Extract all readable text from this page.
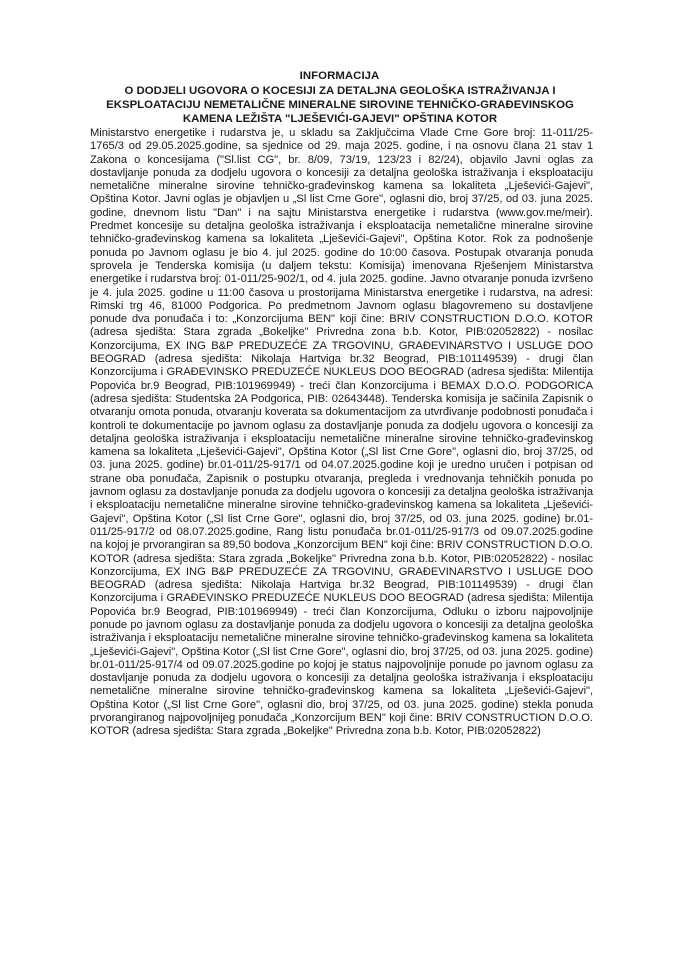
INFORMACIJA
O DODJELI UGOVORA O KOCESIJI ZA DETALJNA GEOLOŠKA ISTRAŽIVANJA I EKSPLOATACIJU NEMETALIČNE MINERALNE SIROVINE TEHNIČKO-GRAĐEVINSKOG KAMENA LEŽIŠTA "LJEŠEVIĆI-GAJEVI" OPŠTINA KOTOR
Ministarstvo energetike i rudarstva je, u skladu sa Zaključcima Vlade Crne Gore broj: 11-011/25-1765/3 od 29.05.2025.godine, sa sjednice od 29. maja 2025. godine, i na osnovu člana 21 stav 1 Zakona o koncesijama ("Sl.list CG", br. 8/09, 73/19, 123/23 i 82/24), objavilo Javni oglas za dostavljanje ponuda za dodjelu ugovora o koncesiji za detaljna geološka istraživanja i eksploataciju nemetalične mineralne sirovine tehničko-građevinskog kamena sa lokaliteta „Lješevići-Gajevi", Opština Kotor. Javni oglas je objavljen u „Sl list Crne Gore", oglasni dio, broj 37/25, od 03. juna 2025. godine, dnevnom listu "Dan" i na sajtu Ministarstva energetike i rudarstva (www.gov.me/meir). Predmet koncesije su detaljna geološka istraživanja i eksploatacija nemetalične mineralne sirovine tehničko-građevinskog kamena sa lokaliteta „Lješevići-Gajevi", Opština Kotor. Rok za podnošenje ponuda po Javnom oglasu je bio 4. jul 2025. godine do 10:00 časova. Postupak otvaranja ponuda sprovela je Tenderska komisija (u daljem tekstu: Komisija) imenovana Rješenjem Ministarstva energetike i rudarstva broj: 01-011/25-902/1, od 4. jula 2025. godine. Javno otvaranje ponuda izvršeno je 4. jula 2025. godine u 11:00 časova u prostorijama Ministarstva energetike i rudarstva, na adresi: Rimski trg 46, 81000 Podgorica. Po predmetnom Javnom oglasu blagovremeno su dostavljene ponude dva ponuđača i to: „Konzorcijuma BEN" koji čine: BRIV CONSTRUCTION D.O.O. KOTOR (adresa sjedišta: Stara zgrada „Bokeljke" Privredna zona b.b. Kotor, PIB:02052822) - nosilac Konzorcijuma, EX ING B&P PREDUZEĆE ZA TRGOVINU, GRAĐEVINARSTVO I USLUGE DOO BEOGRAD (adresa sjedišta: Nikolaja Hartviga br.32 Beograd, PIB:101149539) - drugi član Konzorcijuma i GRAĐEVINSKO PREDUZEĆE NUKLEUS DOO BEOGRAD (adresa sjedišta: Milentija Popovića br.9 Beograd, PIB:101969949) - treći član Konzorcijuma i BEMAX D.O.O. PODGORICA (adresa sjedišta: Studentska 2A Podgorica, PIB: 02643448). Tenderska komisija je sačinila Zapisnik o otvaranju omota ponuda, otvaranju koverata sa dokumentacijom za utvrđivanje podobnosti ponuđača i kontroli te dokumentacije po javnom oglasu za dostavljanje ponuda za dodjelu ugovora o koncesiji za detaljna geološka istraživanja i eksploataciju nemetalične mineralne sirovine tehničko-građevinskog kamena sa lokaliteta „Lješevići-Gajevi", Opština Kotor („Sl list Crne Gore", oglasni dio, broj 37/25, od 03. juna 2025. godine) br.01-011/25-917/1 od 04.07.2025.godine koji je uredno uručen i potpisan od strane oba ponuđača, Zapisnik o postupku otvaranja, pregleda i vrednovanja tehničkih ponuda po javnom oglasu za dostavljanje ponuda za dodjelu ugovora o koncesiji za detaljna geološka istraživanja i eksploataciju nemetalične mineralne sirovine tehničko-građevinskog kamena sa lokaliteta „Lješevići-Gajevi", Opština Kotor („Sl list Crne Gore", oglasni dio, broj 37/25, od 03. juna 2025. godine) br.01-011/25-917/2 od 08.07.2025.godine, Rang listu ponuđača br.01-011/25-917/3 od 09.07.2025.godine na kojoj je prvorangiran sa 89,50 bodova „Konzorcijum BEN" koji čine: BRIV CONSTRUCTION D.O.O. KOTOR (adresa sjedišta: Stara zgrada „Bokeljke" Privredna zona b.b. Kotor, PIB:02052822) - nosilac Konzorcijuma, EX ING B&P PREDUZEĆE ZA TRGOVINU, GRAĐEVINARSTVO I USLUGE DOO BEOGRAD (adresa sjedišta: Nikolaja Hartviga br.32 Beograd, PIB:101149539) - drugi član Konzorcijuma i GRAĐEVINSKO PREDUZEĆE NUKLEUS DOO BEOGRAD (adresa sjedišta: Milentija Popovića br.9 Beograd, PIB:101969949) - treći član Konzorcijuma, Odluku o izboru najpovoljnije ponude po javnom oglasu za dostavljanje ponuda za dodjelu ugovora o koncesiji za detaljna geološka istraživanja i eksploataciju nemetalične mineralne sirovine tehničko-građevinskog kamena sa lokaliteta „Lješevići-Gajevi", Opština Kotor („Sl list Crne Gore", oglasni dio, broj 37/25, od 03. juna 2025. godine) br.01-011/25-917/4 od 09.07.2025.godine po kojoj je status najpovoljnije ponude po javnom oglasu za dostavljanje ponuda za dodjelu ugovora o koncesiji za detaljna geološka istraživanja i eksploataciju nemetalične mineralne sirovine tehničko-građevinskog kamena sa lokaliteta „Lješevići-Gajevi", Opština Kotor („Sl list Crne Gore", oglasni dio, broj 37/25, od 03. juna 2025. godine) stekla ponuda prvorangiranog najpovoljnijeg ponuđača „Konzorcijum BEN" koji čine: BRIV CONSTRUCTION D.O.O. KOTOR (adresa sjedišta: Stara zgrada „Bokeljke" Privredna zona b.b. Kotor, PIB:02052822)
